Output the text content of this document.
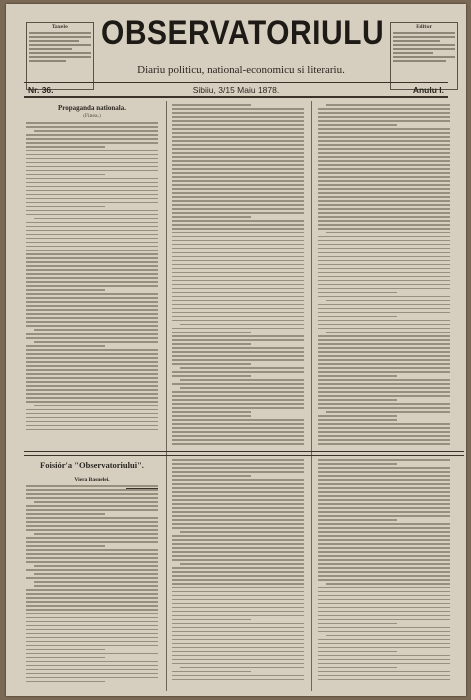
Taxele	Editor
OBSERVATORIULU
Diariu politicu, national-economicu si literariu.
Nr. 36.	Sibiiu, 3/15 Maiu 1878.	Anulu I.
Propaganda nationala.
(Finea.)
Foisiór'a "Observatoriului".
Viera Basnelei.
